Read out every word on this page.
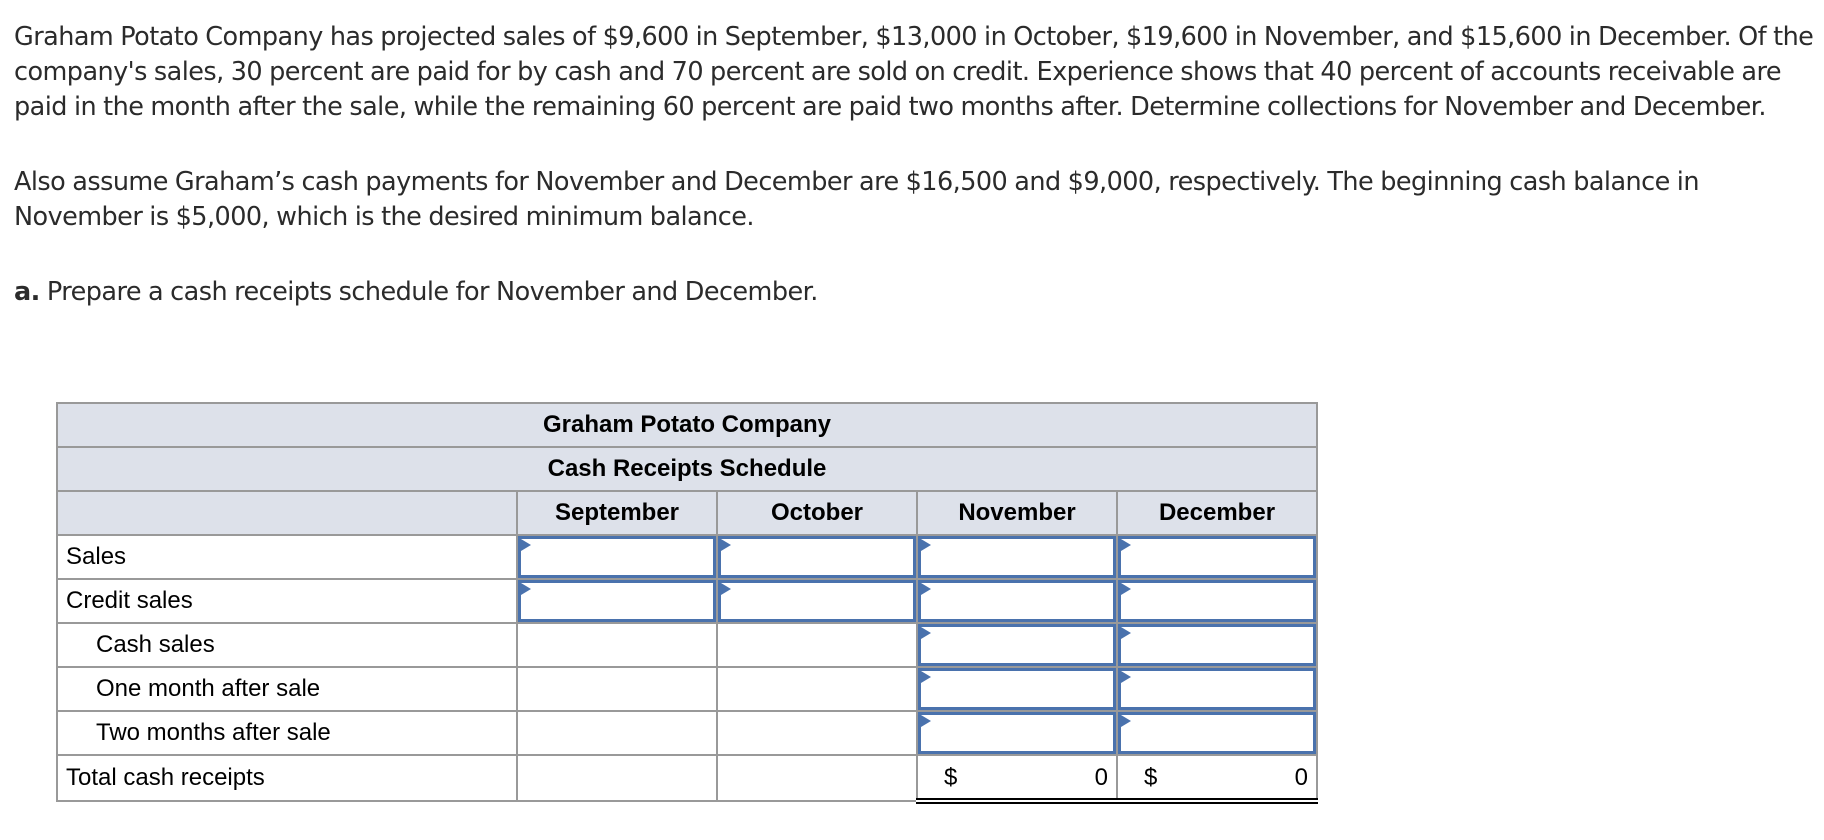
Graham Potato Company has projected sales of $9,600 in September, $13,000 in October, $19,600 in November, and $15,600 in December. Of the company's sales, 30 percent are paid for by cash and 70 percent are sold on credit. Experience shows that 40 percent of accounts receivable are paid in the month after the sale, while the remaining 60 percent are paid two months after. Determine collections for November and December.

Also assume Graham’s cash payments for November and December are $16,500 and $9,000, respectively. The beginning cash balance in November is $5,000, which is the desired minimum balance.

a. Prepare a cash receipts schedule for November and December.

Graham Potato Company				
Cash Receipts Schedule				
	September	October	November	December
Sales				
Credit sales				
Cash sales				
One month after sale				
Two months after sale				
Total cash receipts			$ 0	$ 0
